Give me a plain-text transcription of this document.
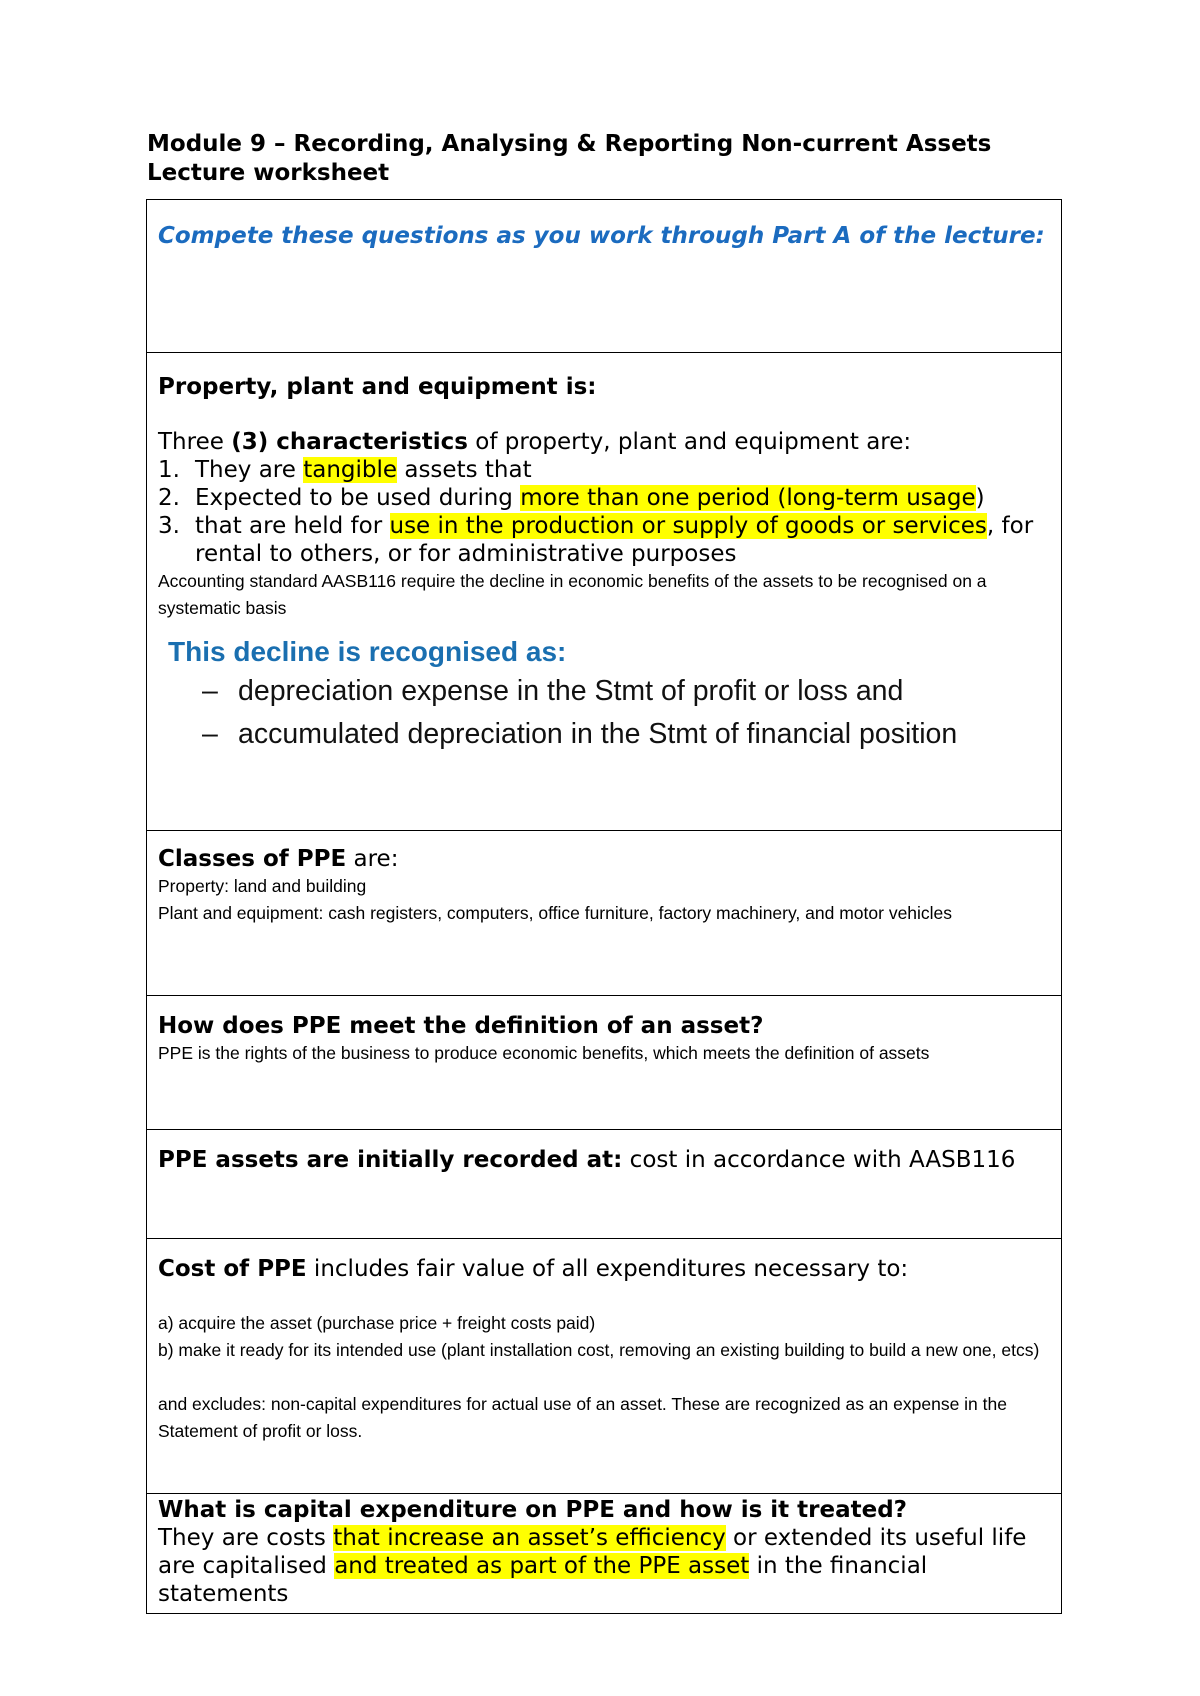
Module 9 – Recording, Analysing & Reporting Non-current Assets
Lecture worksheet
Compete these questions as you work through Part A of the lecture:

Property, plant and equipment is:
Three (3) characteristics of property, plant and equipment are:
1. They are tangible assets that
2. Expected to be used during more than one period (long-term usage)
3. that are held for use in the production or supply of goods or services, for rental to others, or for administrative purposes
Accounting standard AASB116 require the decline in economic benefits of the assets to be recognised on a systematic basis
This decline is recognised as:
– depreciation expense in the Stmt of profit or loss and
– accumulated depreciation in the Stmt of financial position

Classes of PPE are:
Property: land and building
Plant and equipment: cash registers, computers, office furniture, factory machinery, and motor vehicles

How does PPE meet the definition of an asset?
PPE is the rights of the business to produce economic benefits, which meets the definition of assets

PPE assets are initially recorded at: cost in accordance with AASB116

Cost of PPE includes fair value of all expenditures necessary to:
a) acquire the asset (purchase price + freight costs paid)
b) make it ready for its intended use (plant installation cost, removing an existing building to build a new one, etcs)
and excludes: non-capital expenditures for actual use of an asset. These are recognized as an expense in the Statement of profit or loss.

What is capital expenditure on PPE and how is it treated?
They are costs that increase an asset’s efficiency or extended its useful life are capitalised and treated as part of the PPE asset in the financial statements
